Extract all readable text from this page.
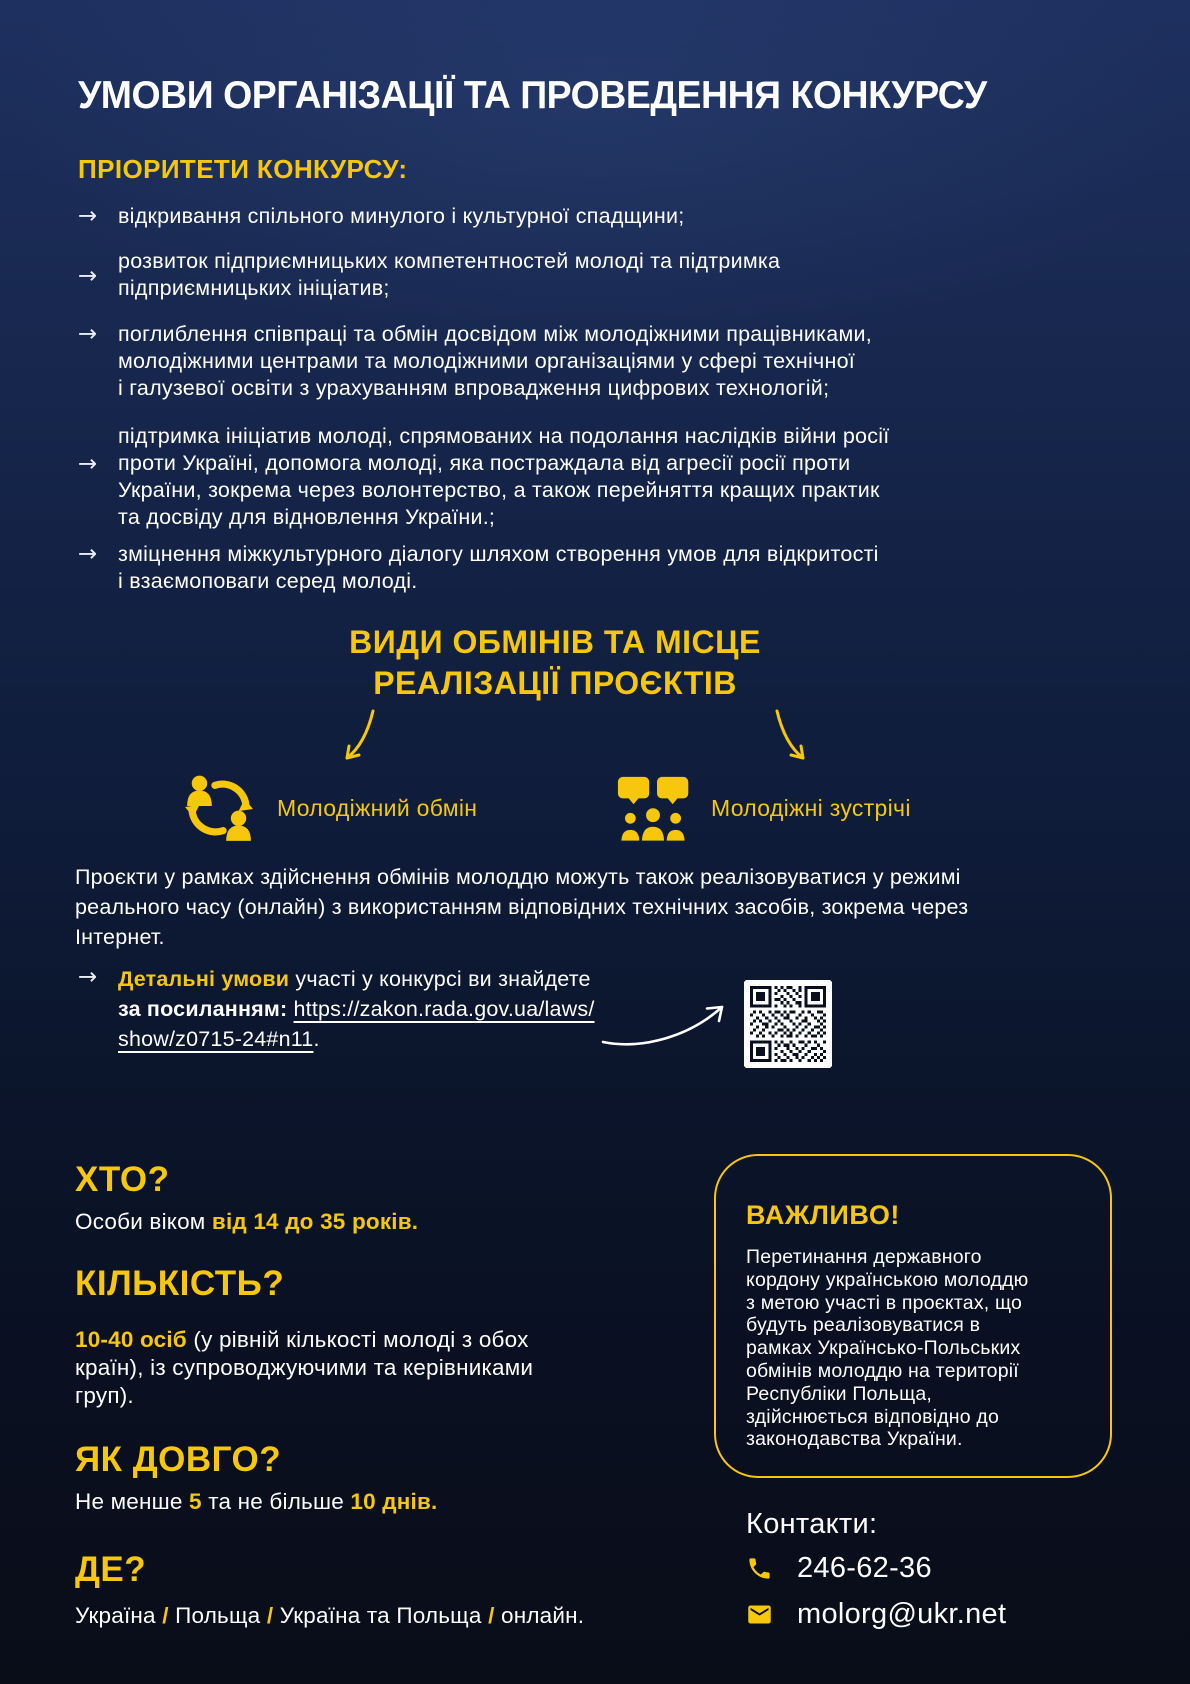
УМОВИ ОРГАНІЗАЦІЇ ТА ПРОВЕДЕННЯ КОНКУРСУ
ПРІОРИТЕТИ КОНКУРСУ:
→ відкривання спільного минулого і культурної спадщини;
→
розвиток підприємницьких компетентностей молоді та підтримка
підприємницьких ініціатив;
→ поглиблення співпраці та обмін досвідом між молодіжними працівниками,
молодіжними центрами та молодіжними організаціями у сфері технічної
і галузевої освіти з урахуванням впровадження цифрових технологій;
→
підтримка ініціатив молоді, спрямованих на подолання наслідків війни росії
проти Україні, допомога молоді, яка постраждала від агресії росії проти
України, зокрема через волонтерство, а також перейняття кращих практик
та досвіду для відновлення України.;
→ зміцнення міжкультурного діалогу шляхом створення умов для відкритості
і взаємоповаги серед молоді.
ВИДИ ОБМІНІВ ТА МІСЦЕ
РЕАЛІЗАЦІЇ ПРОЄКТІВ
Молодіжний обмін	Молодіжні зустрічі

Проєкти у рамках здійснення обмінів молоддю можуть також реалізовуватися у режимі
реального часу (онлайн) з використанням відповідних технічних засобів, зокрема через
Інтернет.

→ Детальні умови участі у конкурсі ви знайдете
за посиланням: https://zakon.rada.gov.ua/laws/
show/z0715-24#n11.
ХТО?

Особи віком від 14 до 35 років.

КІЛЬКІСТЬ?

10-40 осіб (у рівній кількості молоді з обох
країн), із супроводжуючими та керівниками
груп).

ЯК ДОВГО?

Не менше 5 та не більше 10 днів.

ДЕ?

Україна / Польща / Україна та Польща / онлайн.

ВАЖЛИВО!

Перетинання державного
кордону українською молоддю
з метою участі в проєктах, що
будуть реалізовуватися в
рамках Українсько-Польських
обмінів молоддю на території
Республіки Польща,
здійснюється відповідно до
законодавства України.

Контакти:
246-62-36
molorg@ukr.net
